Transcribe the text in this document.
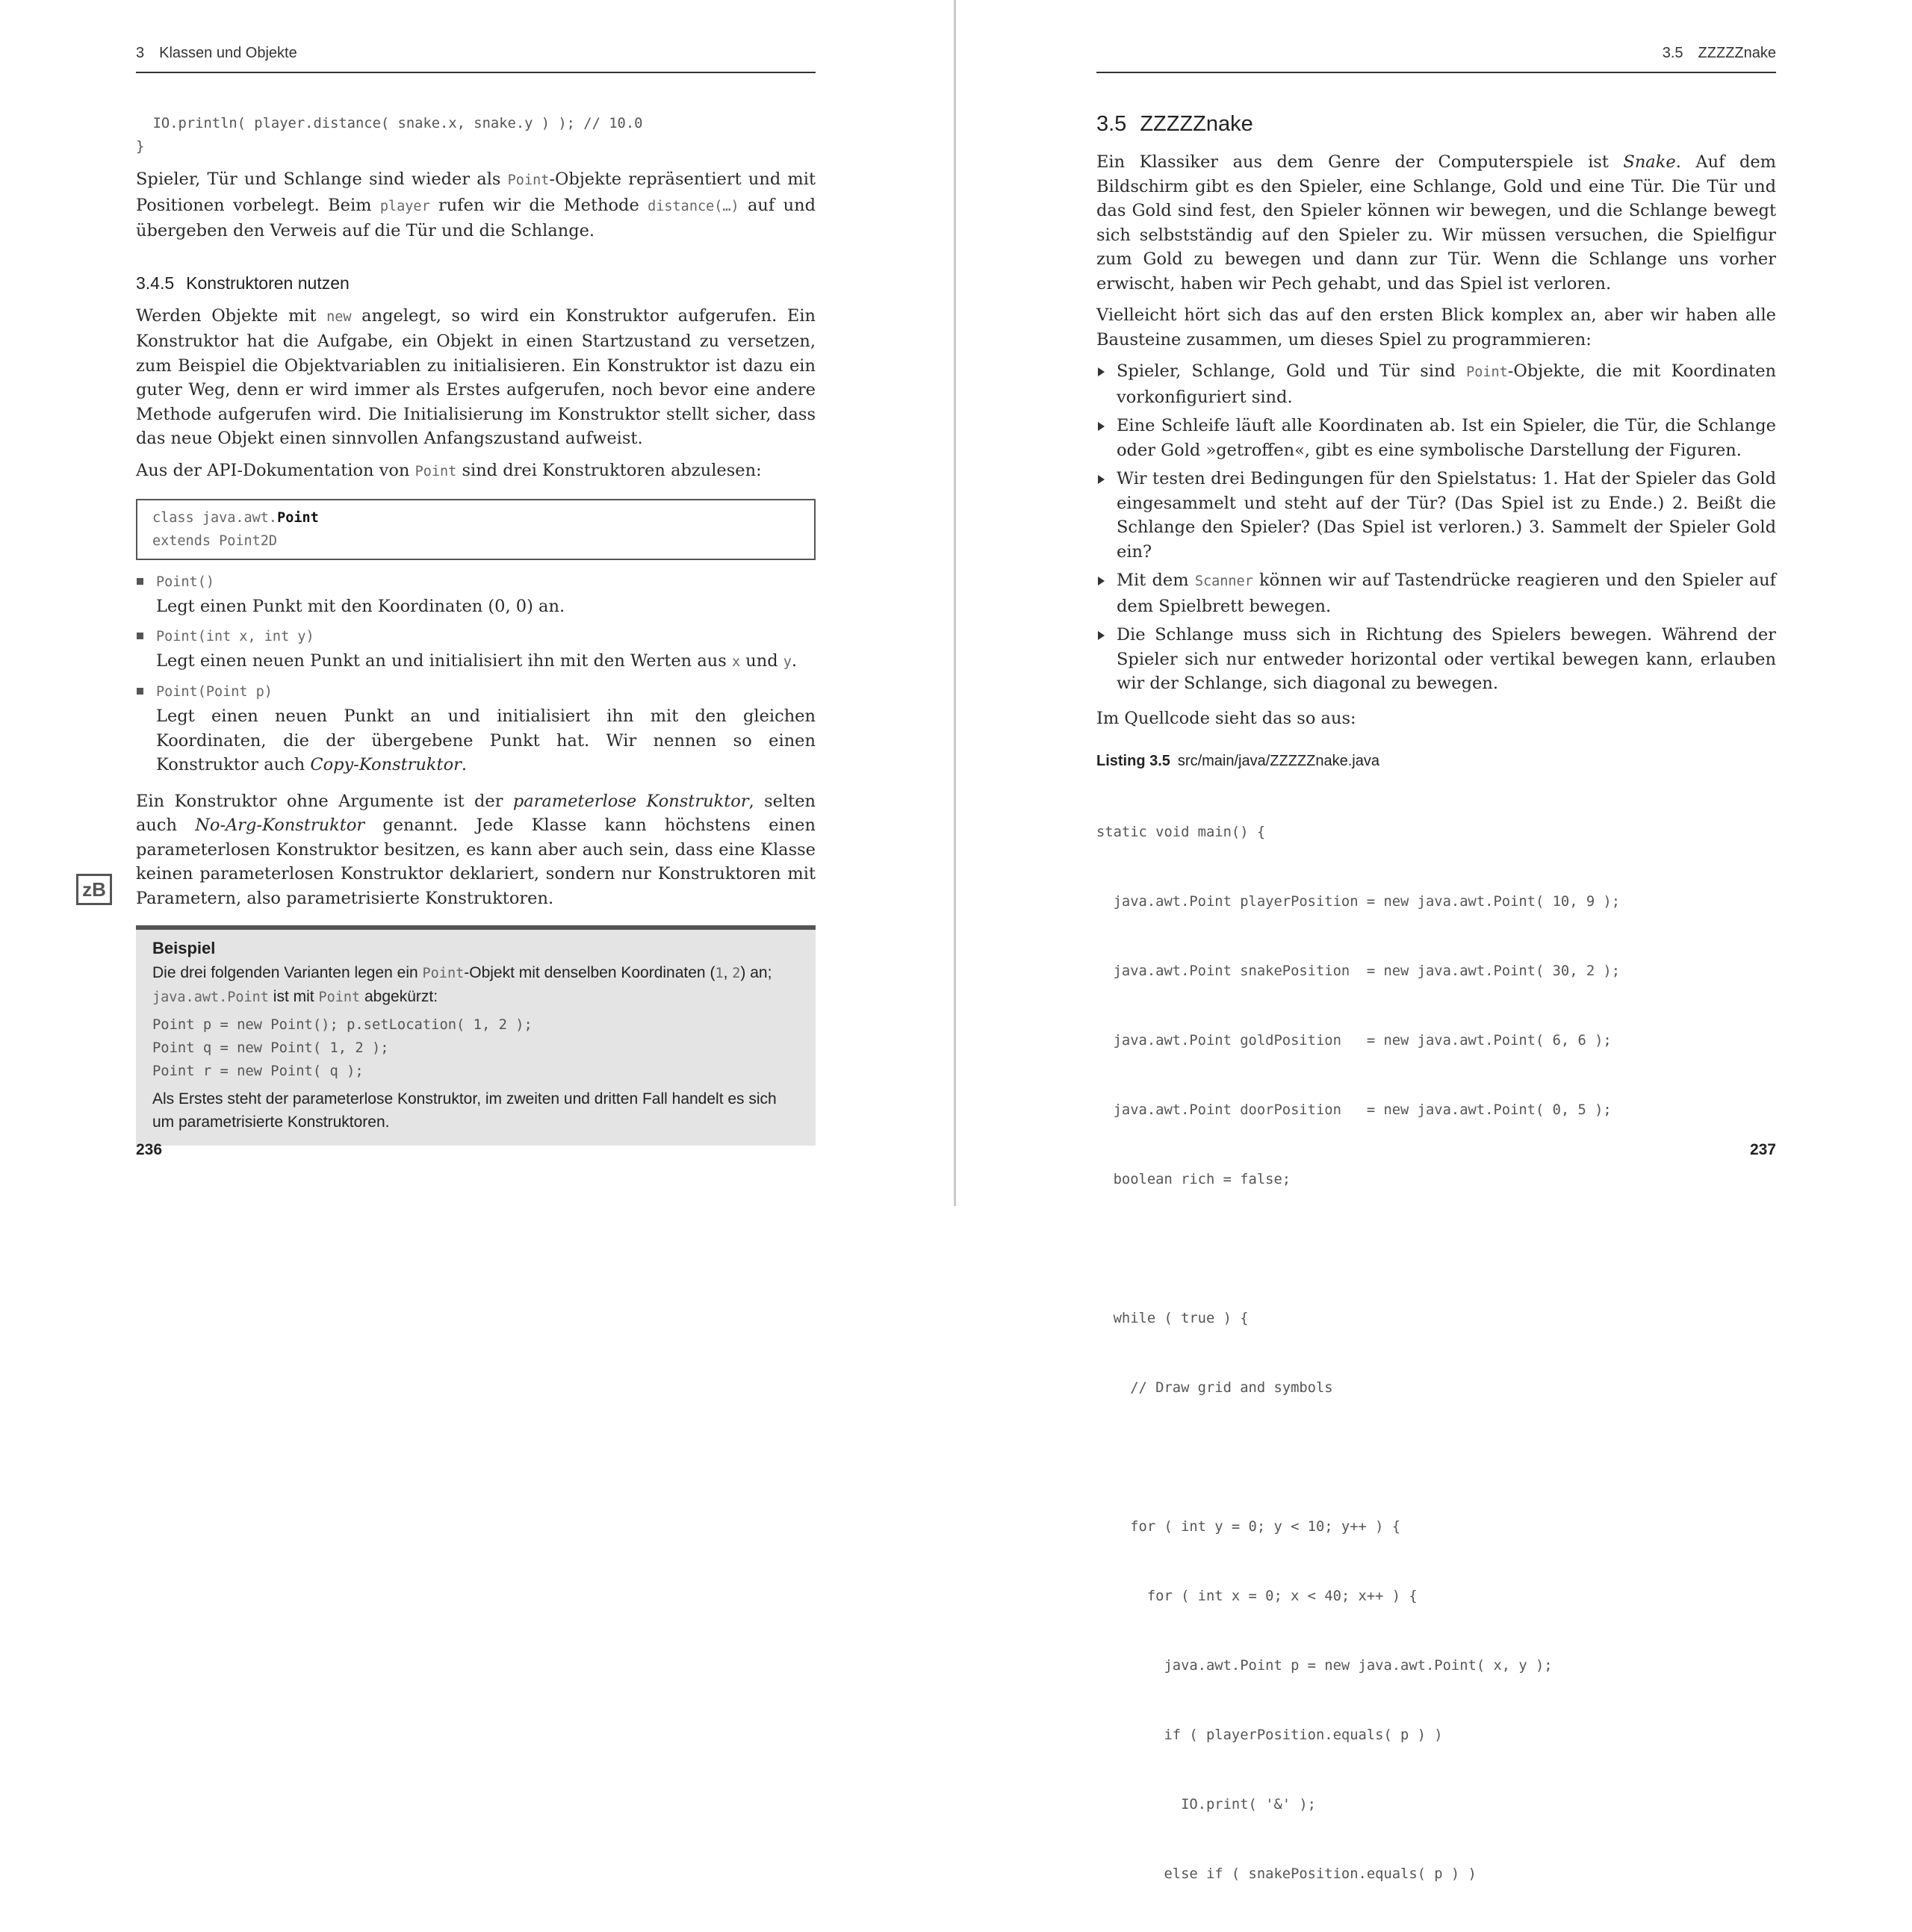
3 Klassen und Objekte
IO.println( player.distance( snake.x, snake.y ) ); // 10.0
}

Spieler, Tür und Schlange sind wieder als Point-Objekte repräsentiert und mit Positionen vorbelegt. Beim player rufen wir die Methode distance(…) auf und übergeben den Verweis auf die Tür und die Schlange.

3.4.5 Konstruktoren nutzen

Werden Objekte mit new angelegt, so wird ein Konstruktor aufgerufen. Ein Konstruktor hat die Aufgabe, ein Objekt in einen Startzustand zu versetzen, zum Beispiel die Objektvariablen zu initialisieren. Ein Konstruktor ist dazu ein guter Weg, denn er wird immer als Erstes aufgerufen, noch bevor eine andere Methode aufgerufen wird. Die Initialisierung im Konstruktor stellt sicher, dass das neue Objekt einen sinnvollen Anfangszustand aufweist.

Aus der API-Dokumentation von Point sind drei Konstruktoren abzulesen:

class java.awt.Point
extends Point2D
Point()
Legt einen Punkt mit den Koordinaten (0, 0) an.
Point(int x, int y)
Legt einen neuen Punkt an und initialisiert ihn mit den Werten aus x und y.
Point(Point p)
Legt einen neuen Punkt an und initialisiert ihn mit den gleichen Koordinaten, die der übergebene Punkt hat. Wir nennen so einen Konstruktor auch Copy-Konstruktor.

Ein Konstruktor ohne Argumente ist der parameterlose Konstruktor, selten auch No-Arg-Konstruktor genannt. Jede Klasse kann höchstens einen parameterlosen Konstruktor besitzen, es kann aber auch sein, dass eine Klasse keinen parameterlosen Konstruktor deklariert, sondern nur Konstruktoren mit Parametern, also parametrisierte Konstruktoren.

Beispiel
Die drei folgenden Varianten legen ein Point-Objekt mit denselben Koordinaten (1, 2) an; java.awt.Point ist mit Point abgekürzt:
Point p = new Point(); p.setLocation( 1, 2 );
Point q = new Point( 1, 2 );
Point r = new Point( q );
Als Erstes steht der parameterlose Konstruktor, im zweiten und dritten Fall handelt es sich um parametrisierte Konstruktoren.
zB
236
3.5 ZZZZZnake
3.5 ZZZZZnake

Ein Klassiker aus dem Genre der Computerspiele ist Snake. Auf dem Bildschirm gibt es den Spieler, eine Schlange, Gold und eine Tür. Die Tür und das Gold sind fest, den Spieler können wir bewegen, und die Schlange bewegt sich selbstständig auf den Spieler zu. Wir müssen versuchen, die Spielfigur zum Gold zu bewegen und dann zur Tür. Wenn die Schlange uns vorher erwischt, haben wir Pech gehabt, und das Spiel ist verloren.

Vielleicht hört sich das auf den ersten Blick komplex an, aber wir haben alle Bausteine zusammen, um dieses Spiel zu programmieren:

Spieler, Schlange, Gold und Tür sind Point-Objekte, die mit Koordinaten vorkonfiguriert sind.
Eine Schleife läuft alle Koordinaten ab. Ist ein Spieler, die Tür, die Schlange oder Gold »getroffen«, gibt es eine symbolische Darstellung der Figuren.
Wir testen drei Bedingungen für den Spielstatus: 1. Hat der Spieler das Gold eingesammelt und steht auf der Tür? (Das Spiel ist zu Ende.) 2. Beißt die Schlange den Spieler? (Das Spiel ist verloren.) 3. Sammelt der Spieler Gold ein?
Mit dem Scanner können wir auf Tastendrücke reagieren und den Spieler auf dem Spielbrett bewegen.
Die Schlange muss sich in Richtung des Spielers bewegen. Während der Spieler sich nur entweder horizontal oder vertikal bewegen kann, erlauben wir der Schlange, sich diagonal zu bewegen.

Im Quellcode sieht das so aus:

Listing 3.5 src/main/java/ZZZZZnake.java

static void main() {

java.awt.Point playerPosition = new java.awt.Point( 10, 9 );

java.awt.Point snakePosition  = new java.awt.Point( 30, 2 );

java.awt.Point goldPosition   = new java.awt.Point( 6, 6 );

java.awt.Point doorPosition   = new java.awt.Point( 0, 5 );

boolean rich = false;

while ( true ) {

// Draw grid and symbols

for ( int y = 0; y < 10; y++ ) {

for ( int x = 0; x < 40; x++ ) {

java.awt.Point p = new java.awt.Point( x, y );

if ( playerPosition.equals( p ) )

IO.print( '&' );

else if ( snakePosition.equals( p ) )

237
